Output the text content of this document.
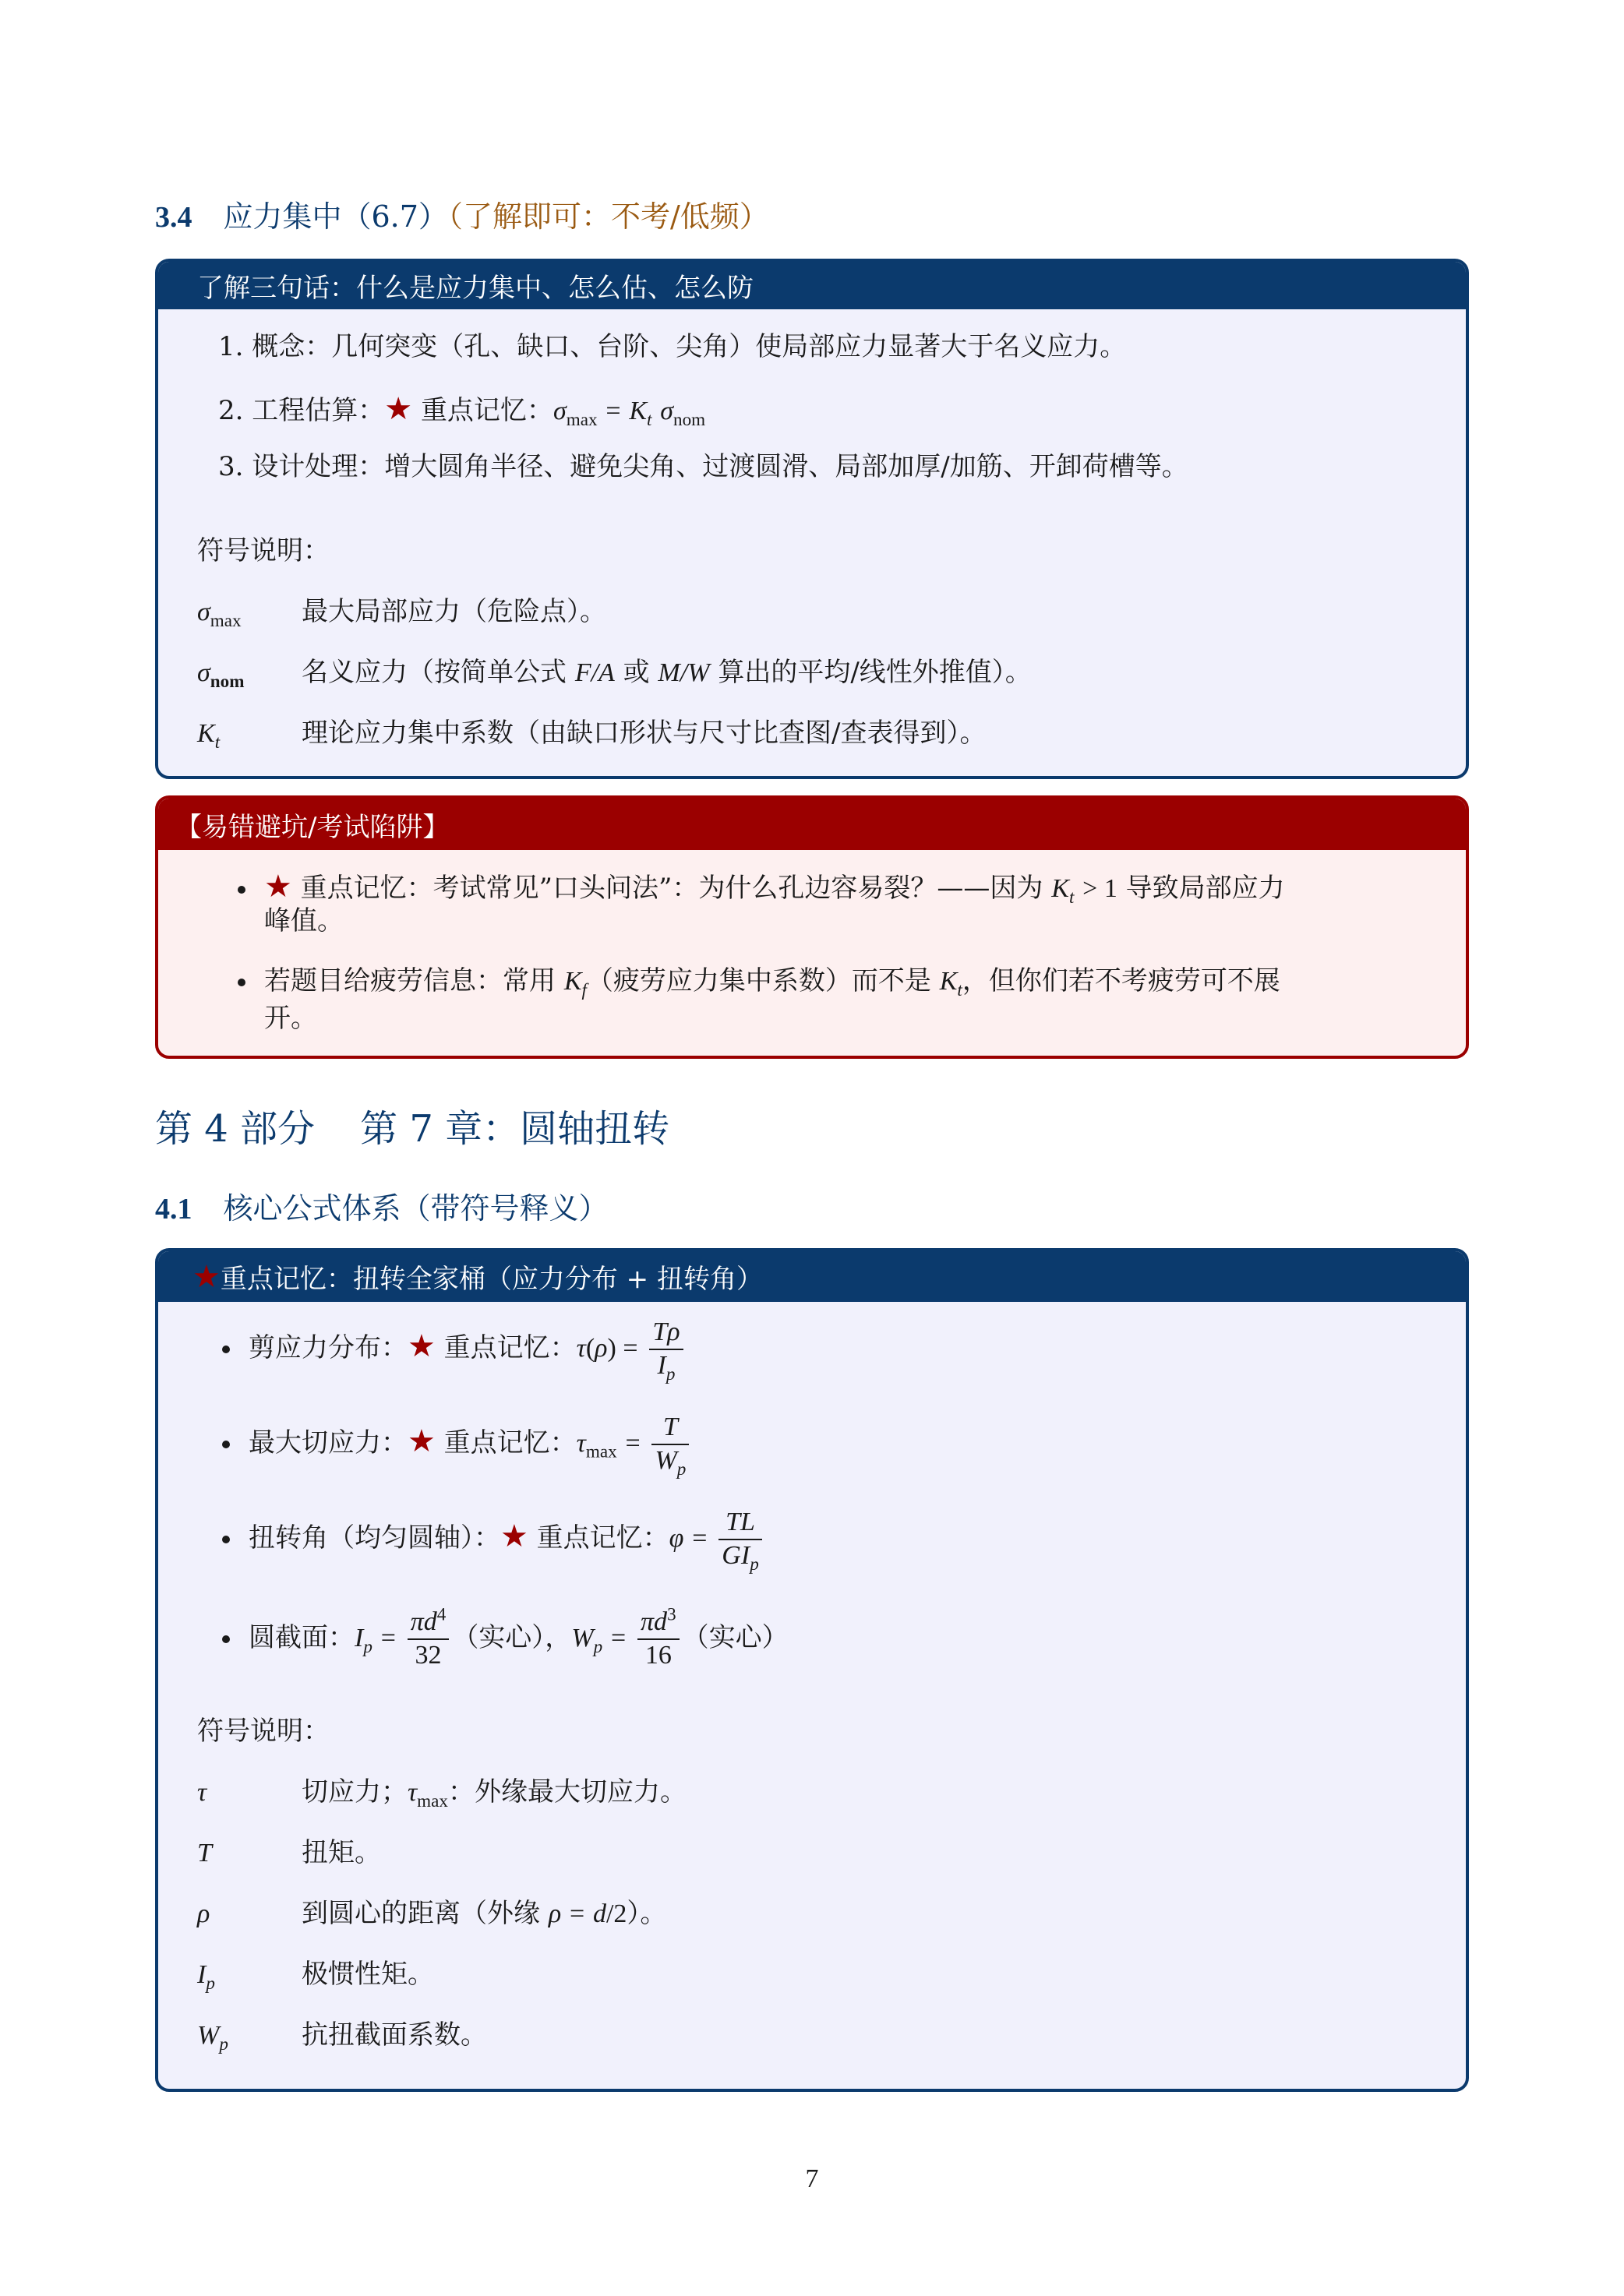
3.4 应力集中（6.7）（了解即可：不考/低频）
了解三句话：什么是应力集中、怎么估、怎么防
1. 概念：几何突变（孔、缺口、台阶、尖角）使局部应力显著大于名义应力。
2. 工程估算：★ 重点记忆：$\sigma_{max} = K_t$ $\sigma_{nom}$
3. 设计处理：增大圆角半径、避免尖角、过渡圆滑、局部加厚/加筋、开卸荷槽等。
符号说明：
$\sigma_{max}$ 最大局部应力（危险点）。
$\sigma_{nom}$ 名义应力（按简单公式 F/A 或 M/W 算出的平均/线性外推值）。
$K_t$	理论应力集中系数（由缺口形状与尺寸比查图/查表得到）。
【易错避坑/考试陷阱】
★ 重点记忆：考试常见”口头问法”：为什么孔边容易裂？——因为 $K_t > 1$ 导致局部应力
峰值。
若题目给疲劳信息：常用 $K_f$（疲劳应力集中系数）而不是 $K_t$，但你们若不考疲劳可不展
开。
第 4 部分 第 7 章：圆轴扭转
4.1 核心公式体系（带符号释义）
★ 重点记忆：扭转全家桶（应力分布 + 扭转角）
剪应力分布：★ 重点记忆：$\tau(\rho) = \frac{T\rho}{I_p}$
最大切应力：★ 重点记忆：$\tau_{max} = \frac{T}{W_p}$
扭转角（均匀圆轴）：★ 重点记忆：$\varphi = \frac{TL}{GI_p}$
圆截面：$I_p = \frac{\pi d^4}{32}$ （实心），$W_p = \frac{\pi d^3}{16}$ （实心）
符号说明：
τ	切应力；$\tau_{max}$：外缘最大切应力。
T	扭矩。
ρ	到圆心的距离（外缘 ρ = d/2）。
$I_p$	极惯性矩。
$W_p$	抗扭截面系数。
7
